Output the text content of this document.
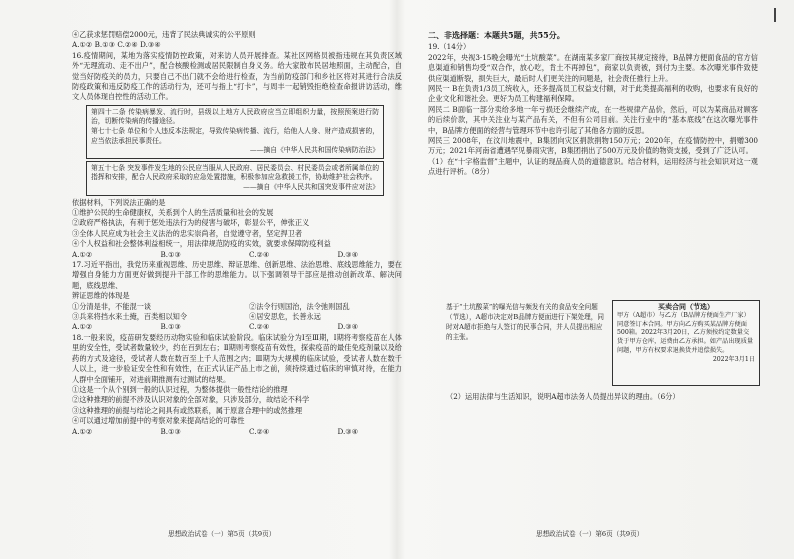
④乙获求惩罚赔偿2000元，违背了民法典诚实的公平原则

A.①② B.①③ C.②④ D.③④

16.疫情期间，某地为落实疫情防控政策，对来访人员开展排查。某社区网格员被指违规在其负责区域外“无理流动、走不出户”，配合核酸检测或居民限制自身义务。给大家散布民居地照面，主动配合，自觉当好防疫关的员力，只要自己不出门就不会给进行检查，为当前防疫部门和乡社区将对其进行合法反防疫政策和违反防疫工作的活动行为，还可与指上“打卡”，与周丰一起销毁拒绝检查命报讲访活动，维文人员体现自控性的活动工作。

第四十二条 传染病暴发、流行时，县级以上地方人民政府应当立即组织力量，按照预案进行防治，切断传染病的传播途径。

第七十七条 单位和个人违反本法规定，导致传染病传播、流行，给他人人身、财产造成损害的，应当依法承担民事责任。

——摘自《中华人民共和国传染病防治法》

第五十七条 突发事件发生地的公民应当服从人民政府、居民委员会、村民委员会或者所属单位的指挥和安排，配合人民政府采取的应急处置措施，积极参加应急救援工作，协助维护社会秩序。

——摘自《中华人民共和国突发事件应对法》

依据材料，下列说法正确的是

①维护公民的生命健康权，关系到个人的生活质量和社会的发展

②政府严格执法，有利于惩处违法行为的侵害与破坏，彰显公平，伸张正义

③全体人民应成为社会主义法治的忠实崇尚者，自觉遵守者，坚定捍卫者

④个人权益和社会整体利益相统一，用法律规范防疫的实效，就要求保障防疫利益

A.①②	B.①③	C.②④	D.③④

17.习近平指出，我党历来重视思维、历史思维、辩证思维、创新思维、法治思维、底线思维能力，要在增强自身能力方面更好做到提升干部工作的思维能力。以下强调领导干部应是推动创新改革、解决问题，底线思维、

辨证思维的体现是

①分清是非，不能混一谈	②法令行则国治，法令弛则国乱
③兵来将挡水来土掩，百类相以知令	④居安思危，长善永远
A.①②	B.①③	C.②④	D.③④

18.一般来说，疫苗研发要经历动物实验和临床试验阶段。临床试验分为Ⅰ至Ⅲ期，Ⅰ期将考察疫苗在人体里的安全性，受试者数量较少，约在百到左右；Ⅱ期则考察疫苗有效性，探索疫苗的最佳免疫剂量以及给药的方式及途径，受试者人数在数百至上千人范围之内；Ⅲ期为大规模的临床试验，受试者人数在数千人以上，进一步验证安全性和有效性，在正式认证产品上市之前，须持续通过临床的审慎对待，在能力人群中全面铺开，对进前期推测有过测试的结果。

①这是一个从个别到一般的认识过程，为整体提供一般性结论的推理

②这种推理的前提不涉及认识对象的全部对象，只涉及部分，故结论不科学

③这种推理的前提与结论之间具有或然联系，属于原意合理中的或然推理

④可以通过增加前提中的考察对象来提高结论的可靠性

A.①②	B.①③	C.②④	D.③④

二、非选择题：本题共5题，共55分。

19.（14分）

2022年，央视3·15晚会曝光“土坑酸菜”。在湖南某多家厂商按其规定接待，B品牌方便面食品的官方信息渠道和销售均受“双合作，放心吃，肯土不再掉包”，商家以负责被，到付为主要。本次曝光事件致使供应渠道断裂，损失巨大，最后时人们更关注的问题是，社会责任推行上升。

网民一 B在负责1/3员工统收入，还多提高员工权益支付额，对于此类提高福利的收购，也要求有良好的企业文化和谐社会。更好为员工构建福利保障。

网民二 B面临一部分卖给多地一年亏损还会继续产成，在一些规律产品价，然后，可以为某商品对顾客的后续价款，其中关注业与某产品有关，不但有公司目前。关注行业中的“基本底线”在这次曝光事件中，B品牌方便面的经营与管理环节中也许引起了其他各方面的反思。

网民三 2008年，在汶川地震中，B集团向灾区捐款捐物150万元；2020年，在疫情防控中，捐赠300万元；2021年河南省遭遇罕见暴雨灾害，B集团捐出了500万元及价值的物资支援，受到了广泛认可。

（1）在“十字格监督”主题中，认证的现品商人员的道德意识。结合材料，运用经济与社会知识对这一观点进行评析。（8分）

基于“土坑酸菜”的曝光信与频发有关的食品安全问题（节选），A超市决定对B品牌方便面进行下架处理，同时对A超市拒绝与人签订的民事合同，并人员提出相应的主张。
买卖合同（节选）
甲方（A超市）与乙方（B品牌方便面生产厂家）同意签订本合同。甲方向乙方购买某品牌方便面500箱。2022年3月20日，乙方须按约定数量交货于甲方仓库，运费由乙方承担。如产品出现质量问题，甲方有权要求退换货并追偿损失。
2022年3月1日
（2）运用法律与生活知识，说明A超市法务人员提出异议的理由。（6分）
思想政治试卷（一）第5页（共9页）	思想政治试卷（一）第6页（共9页）
